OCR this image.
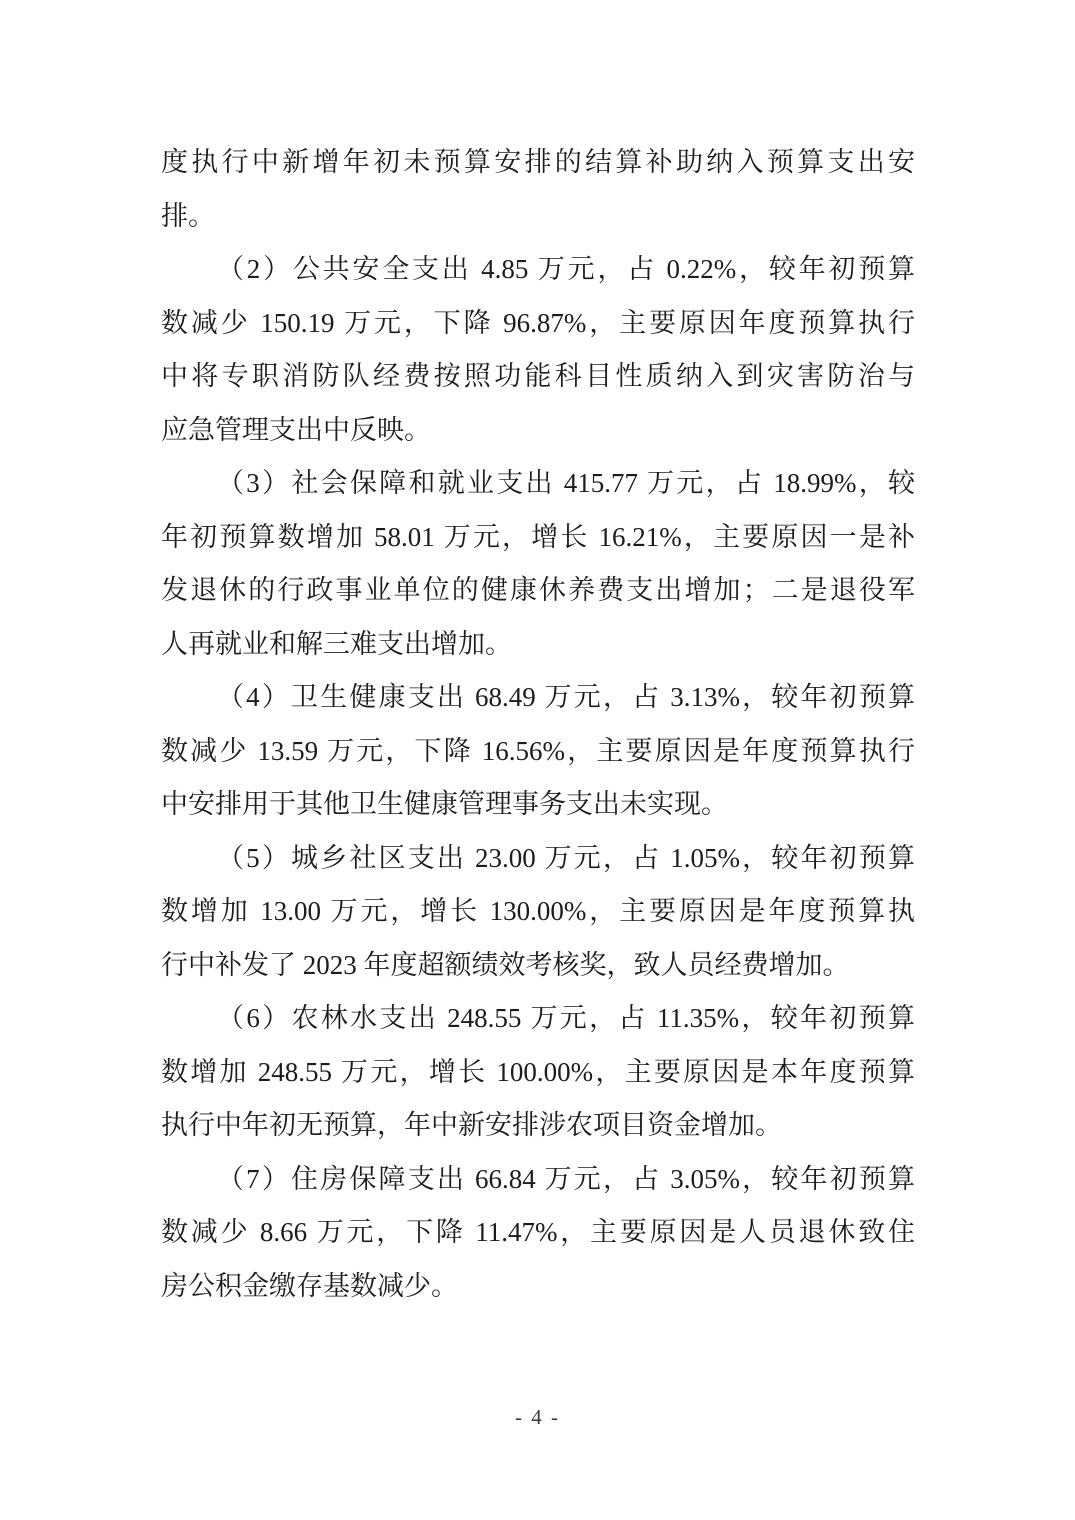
度执行中新增年初未预算安排的结算补助纳入预算支出安
排。
（2）公共安全支出 4.85 万元，占 0.22%，较年初预算
数减少 150.19 万元，下降 96.87%，主要原因年度预算执行
中将专职消防队经费按照功能科目性质纳入到灾害防治与
应急管理支出中反映。
（3）社会保障和就业支出 415.77 万元，占 18.99%，较
年初预算数增加 58.01 万元，增长 16.21%，主要原因一是补
发退休的行政事业单位的健康休养费支出增加；二是退役军
人再就业和解三难支出增加。
（4）卫生健康支出 68.49 万元，占 3.13%，较年初预算
数减少 13.59 万元，下降 16.56%，主要原因是年度预算执行
中安排用于其他卫生健康管理事务支出未实现。
（5）城乡社区支出 23.00 万元，占 1.05%，较年初预算
数增加 13.00 万元，增长 130.00%，主要原因是年度预算执
行中补发了 2023 年度超额绩效考核奖，致人员经费增加。
（6）农林水支出 248.55 万元，占 11.35%，较年初预算
数增加 248.55 万元，增长 100.00%，主要原因是本年度预算
执行中年初无预算，年中新安排涉农项目资金增加。
（7）住房保障支出 66.84 万元，占 3.05%，较年初预算
数减少 8.66 万元，下降 11.47%，主要原因是人员退休致住
房公积金缴存基数减少。
- 4 -
